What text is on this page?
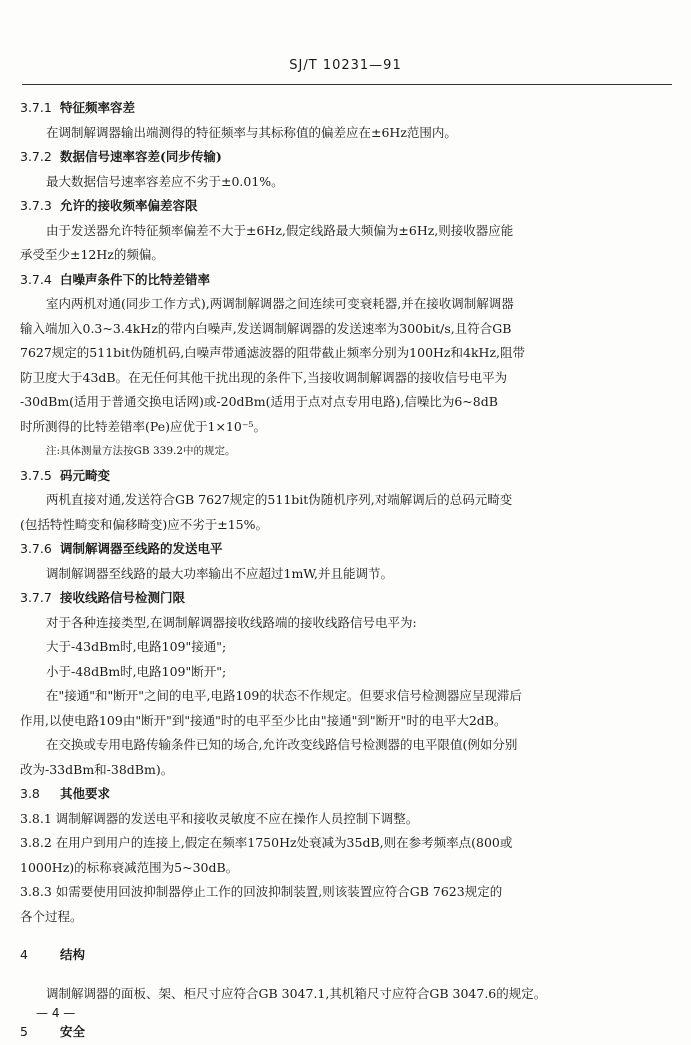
SJ/T 10231—91
3.7.1 特征频率容差
在调制解调器输出端测得的特征频率与其标称值的偏差应在±6Hz范围内。
3.7.2 数据信号速率容差(同步传输)
最大数据信号速率容差应不劣于±0.01%。
3.7.3 允许的接收频率偏差容限
由于发送器允许特征频率偏差不大于±6Hz,假定线路最大频偏为±6Hz,则接收器应能
承受至少±12Hz的频偏。
3.7.4 白噪声条件下的比特差错率
室内两机对通(同步工作方式),两调制解调器之间连续可变衰耗器,并在接收调制解调器
输入端加入0.3~3.4kHz的带内白噪声,发送调制解调器的发送速率为300bit/s,且符合GB
7627规定的511bit伪随机码,白噪声带通滤波器的阻带截止频率分别为100Hz和4kHz,阻带
防卫度大于43dB。在无任何其他干扰出现的条件下,当接收调制解调器的接收信号电平为
-30dBm(适用于普通交换电话网)或-20dBm(适用于点对点专用电路),信噪比为6~8dB
时所测得的比特差错率(Pe)应优于1×10⁻⁵。
注:具体测量方法按GB 339.2中的规定。
3.7.5 码元畸变
两机直接对通,发送符合GB 7627规定的511bit伪随机序列,对端解调后的总码元畸变
(包括特性畸变和偏移畸变)应不劣于±15%。
3.7.6 调制解调器至线路的发送电平
调制解调器至线路的最大功率输出不应超过1mW,并且能调节。
3.7.7 接收线路信号检测门限
对于各种连接类型,在调制解调器接收线路端的接收线路信号电平为:
大于-43dBm时,电路109"接通";
小于-48dBm时,电路109"断开";
在"接通"和"断开"之间的电平,电路109的状态不作规定。但要求信号检测器应呈现滞后
作用,以使电路109由"断开"到"接通"时的电平至少比由"接通"到"断开"时的电平大2dB。
在交换或专用电路传输条件已知的场合,允许改变线路信号检测器的电平限值(例如分别
改为-33dBm和-38dBm)。
3.8 其他要求
3.8.1 调制解调器的发送电平和接收灵敏度不应在操作人员控制下调整。
3.8.2 在用户到用户的连接上,假定在频率1750Hz处衰减为35dB,则在参考频率点(800或
1000Hz)的标称衰减范围为5~30dB。
3.8.3 如需要使用回波抑制器停止工作的回波抑制装置,则该装置应符合GB 7623规定的
各个过程。
4	结构
调制解调器的面板、架、柜尺寸应符合GB 3047.1,其机箱尺寸应符合GB 3047.6的规定。
5	安全
— 4 —
